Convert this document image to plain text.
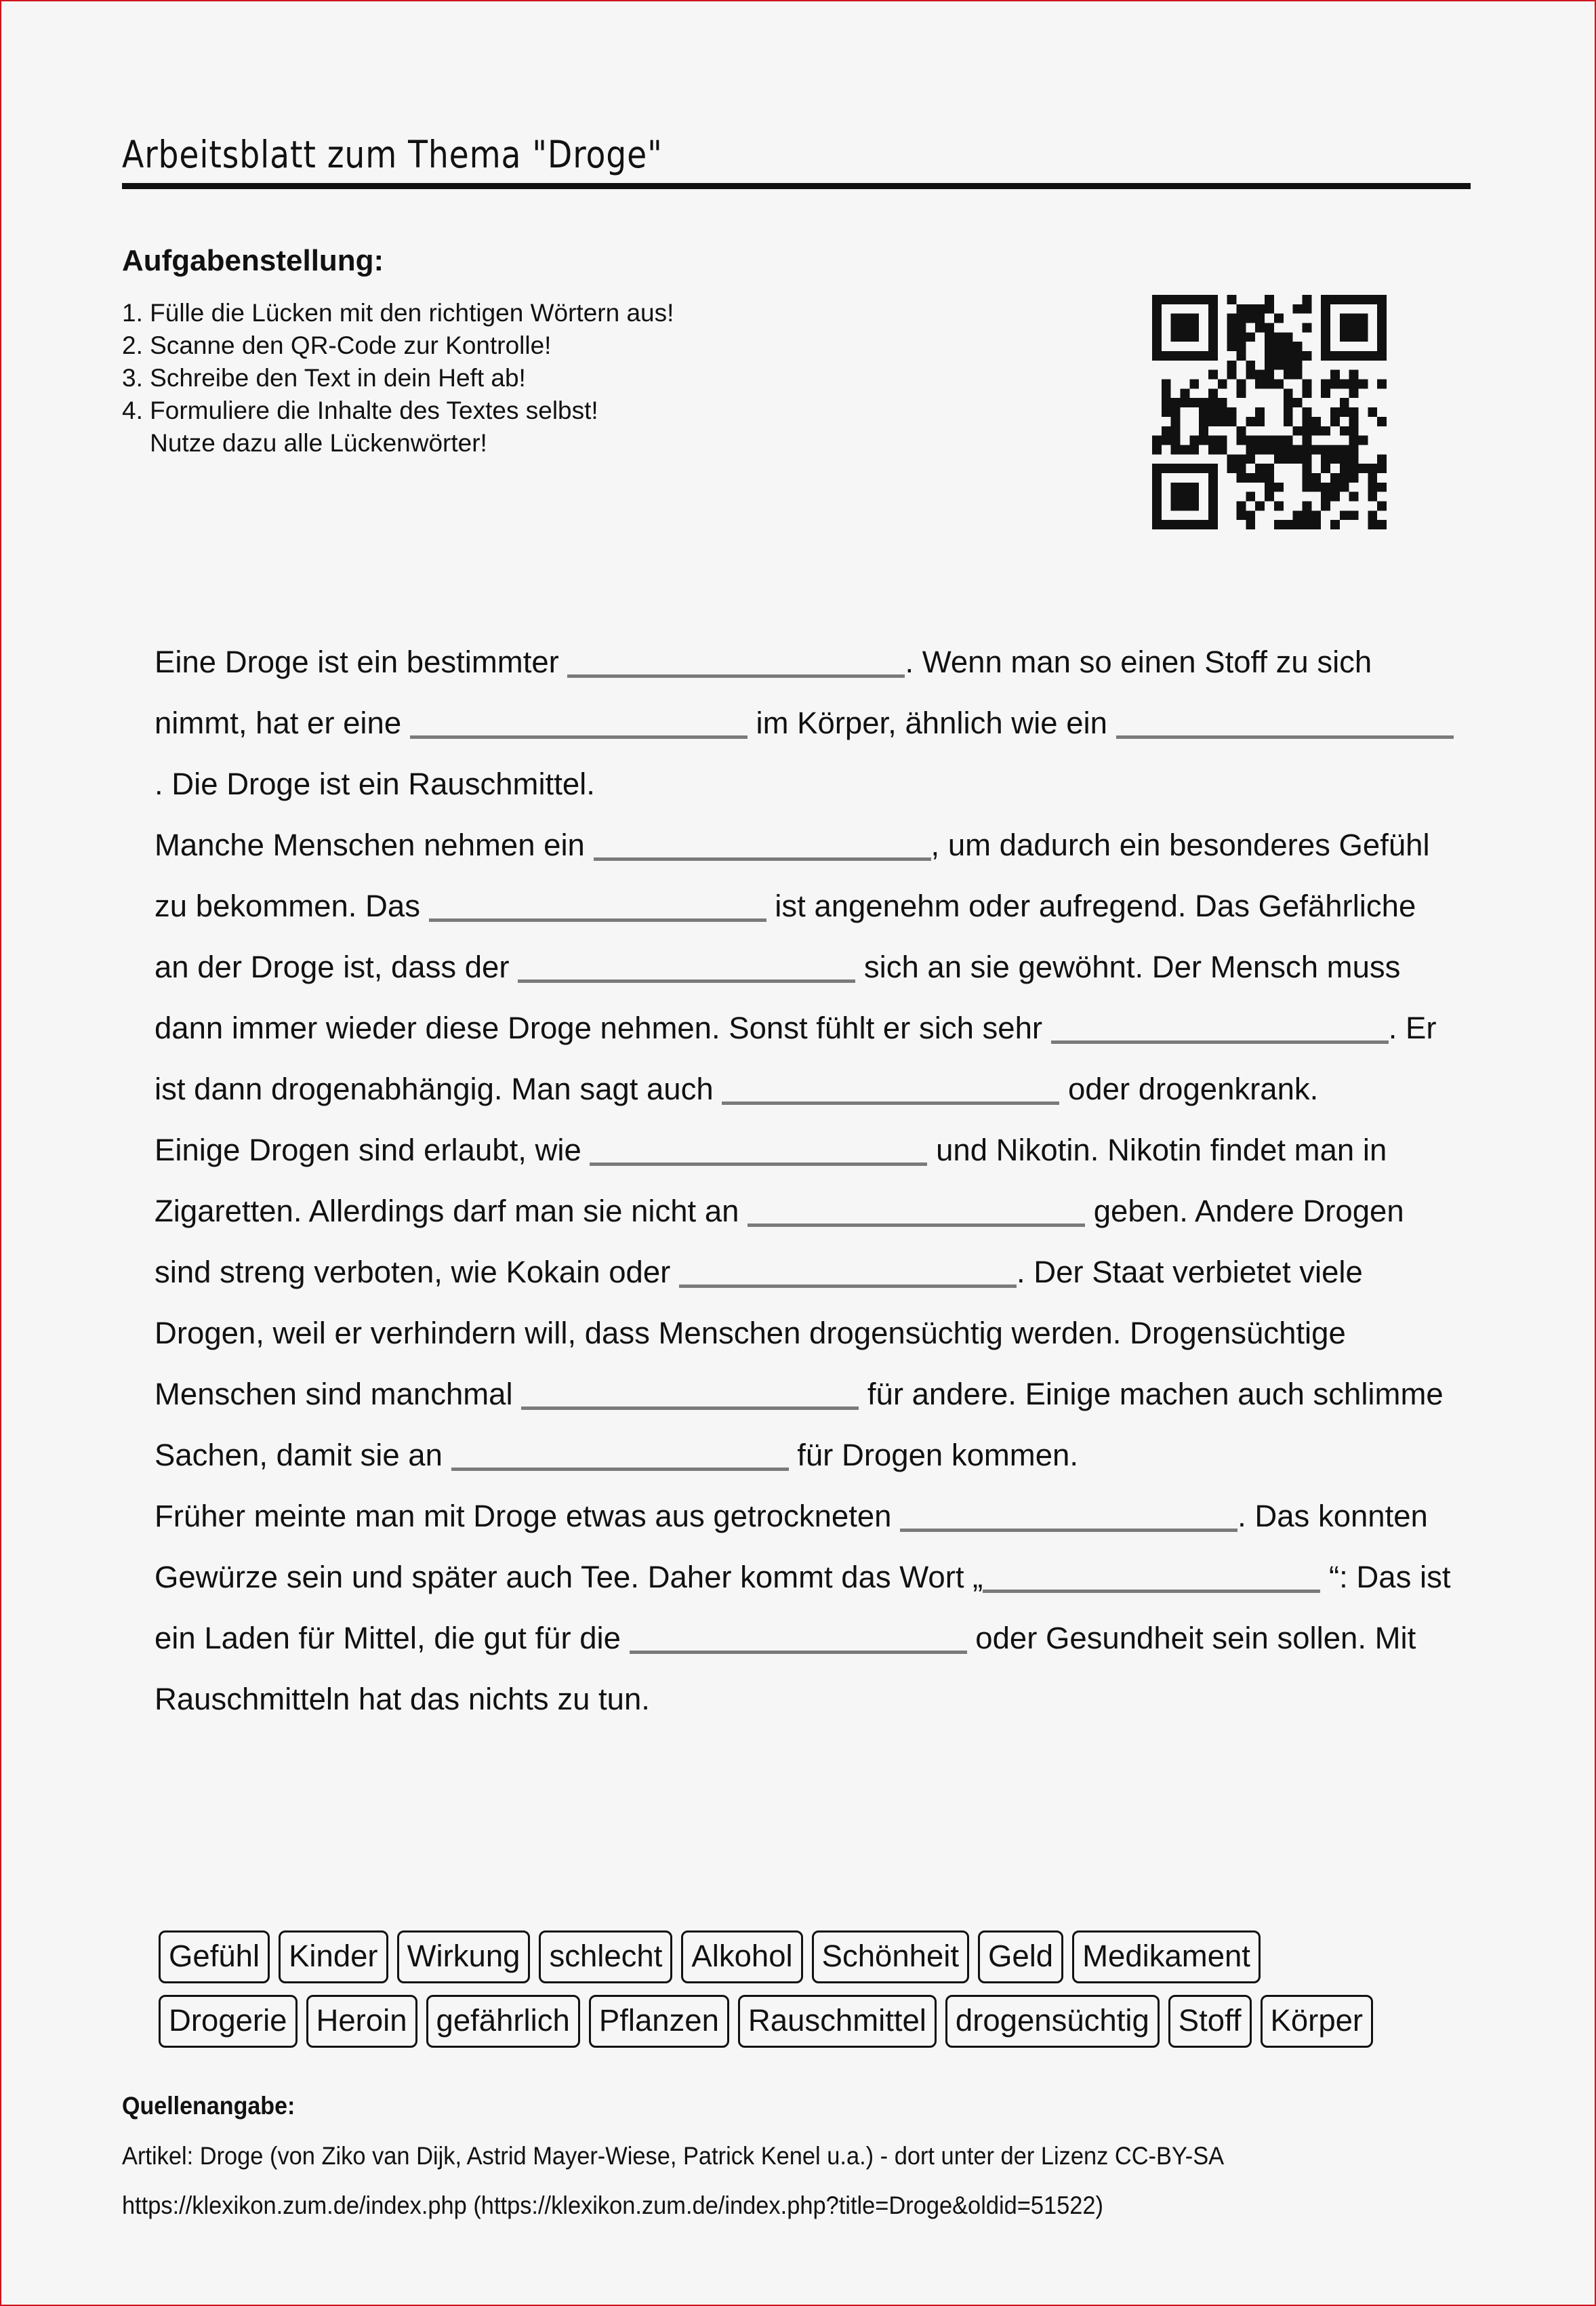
Arbeitsblatt zum Thema "Droge"
Aufgabenstellung:
1. Fülle die Lücken mit den richtigen Wörtern aus!
2. Scanne den QR-Code zur Kontrolle!
3. Schreibe den Text in dein Heft ab!
4. Formuliere die Inhalte des Textes selbst!
Nutze dazu alle Lückenwörter!
Eine Droge ist ein bestimmter	. Wenn man so einen Stoff zu sich nimmt, hat er eine	im Körper, ähnlich wie ein . Die Droge ist ein Rauschmittel.
Manche Menschen nehmen ein	, um dadurch ein besonderes Gefühl zu bekommen. Das	ist angenehm oder aufregend. Das Gefährliche an der Droge ist, dass der	sich an sie gewöhnt. Der Mensch muss dann immer wieder diese Droge nehmen. Sonst fühlt er sich sehr	. Er ist dann drogenabhängig. Man sagt auch	oder drogenkrank.
Einige Drogen sind erlaubt, wie	und Nikotin. Nikotin findet man in Zigaretten. Allerdings darf man sie nicht an	geben. Andere Drogen sind streng verboten, wie Kokain oder	. Der Staat verbietet viele Drogen, weil er verhindern will, dass Menschen drogensüchtig werden. Drogensüchtige Menschen sind manchmal	für andere. Einige machen auch schlimme Sachen, damit sie an	für Drogen kommen.
Früher meinte man mit Droge etwas aus getrockneten	. Das konnten Gewürze sein und später auch Tee. Daher kommt das Wort „	“: Das ist ein Laden für Mittel, die gut für die	oder Gesundheit sein sollen. Mit Rauschmitteln hat das nichts zu tun.
Gefühl Kinder Wirkung schlecht Alkohol Schönheit Geld Medikament
Drogerie Heroin gefährlich Pflanzen Rauschmittel drogensüchtig Stoff Körper
Quellenangabe:
Artikel: Droge (von Ziko van Dijk, Astrid Mayer-Wiese, Patrick Kenel u.a.) - dort unter der Lizenz CC-BY-SA
https://klexikon.zum.de/index.php (https://klexikon.zum.de/index.php?title=Droge&oldid=51522)
